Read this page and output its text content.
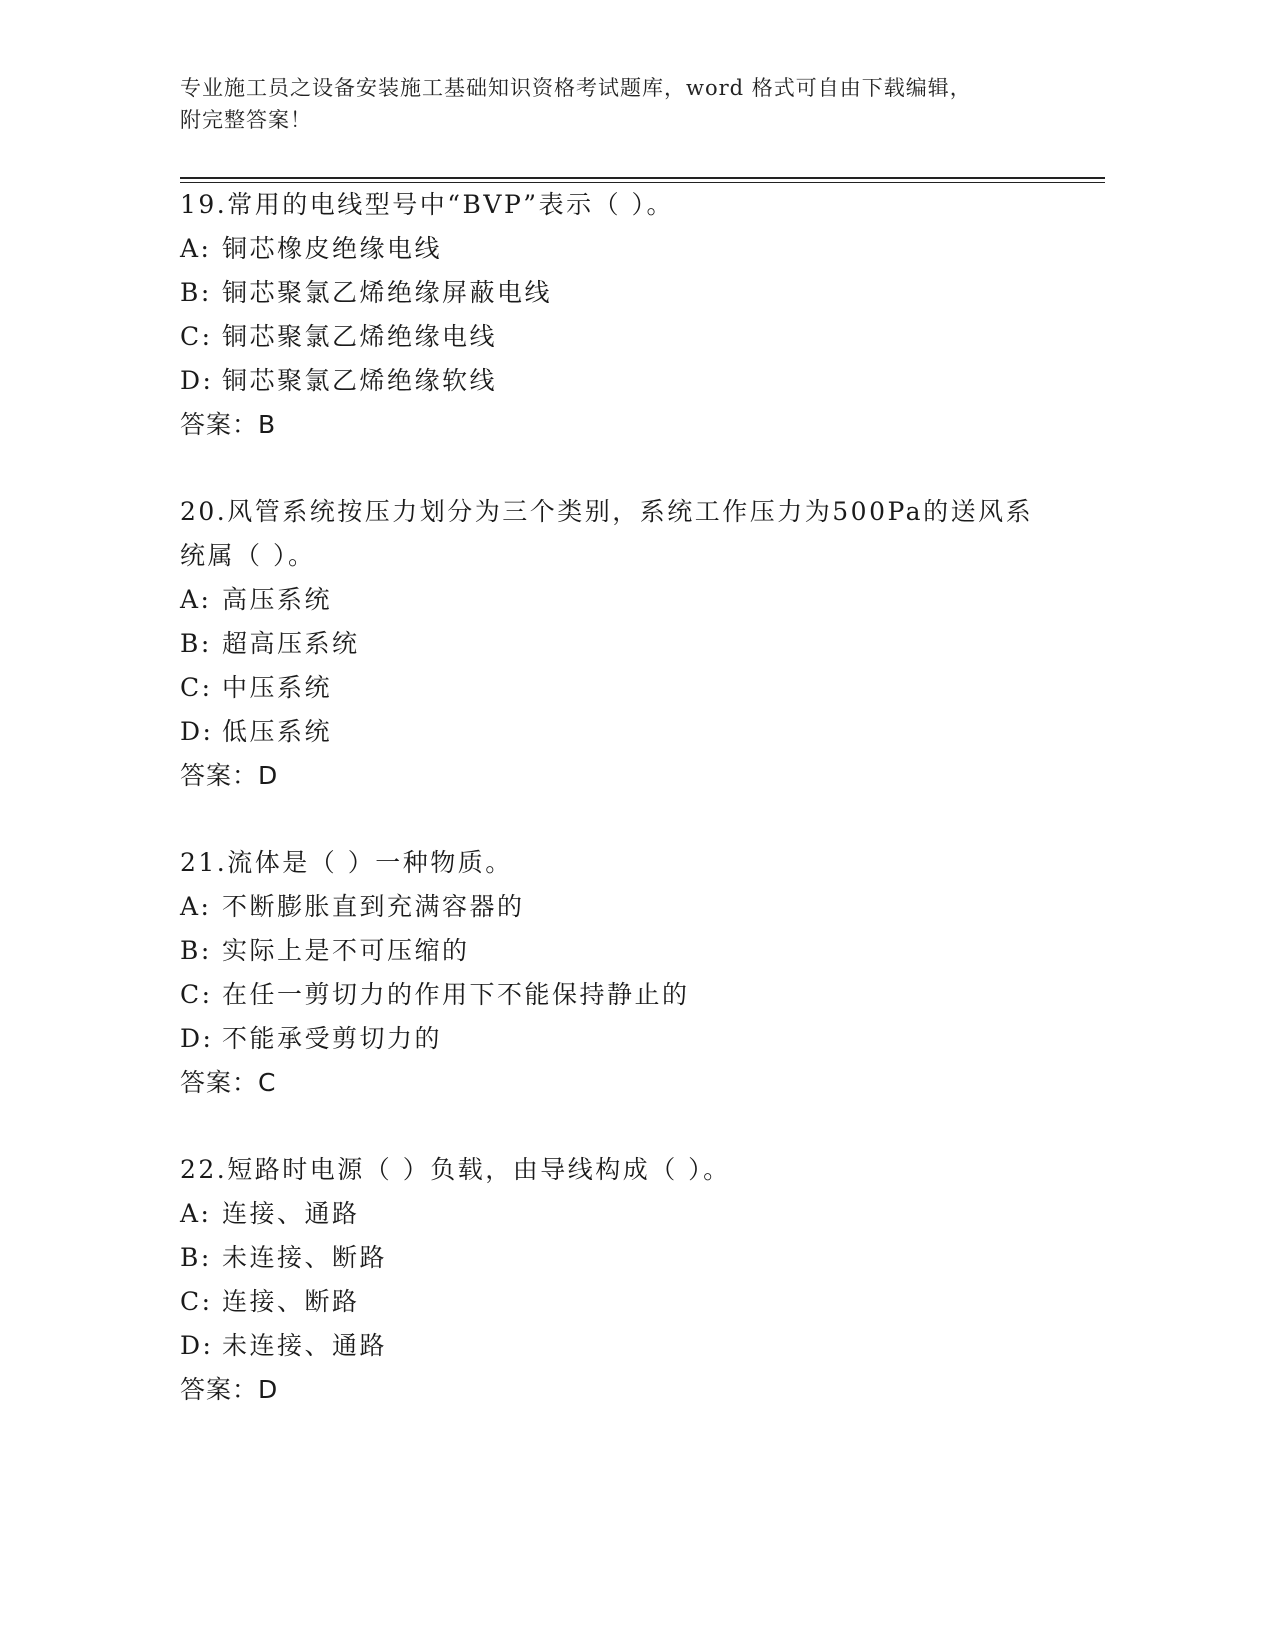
专业施工员之设备安装施工基础知识资格考试题库，word 格式可自由下载编辑，
附完整答案！
19.常用的电线型号中“BVP”表示（ ）。
A: 铜芯橡皮绝缘电线
B: 铜芯聚氯乙烯绝缘屏蔽电线
C: 铜芯聚氯乙烯绝缘电线
D: 铜芯聚氯乙烯绝缘软线
答案：B
20.风管系统按压力划分为三个类别，系统工作压力为500Pa的送风系统属（ ）。
A: 高压系统
B: 超高压系统
C: 中压系统
D: 低压系统
答案：D
21.流体是（ ）一种物质。
A: 不断膨胀直到充满容器的
B: 实际上是不可压缩的
C: 在任一剪切力的作用下不能保持静止的
D: 不能承受剪切力的
答案：C
22.短路时电源（ ）负载，由导线构成（ ）。
A: 连接、通路
B: 未连接、断路
C: 连接、断路
D: 未连接、通路
答案：D
